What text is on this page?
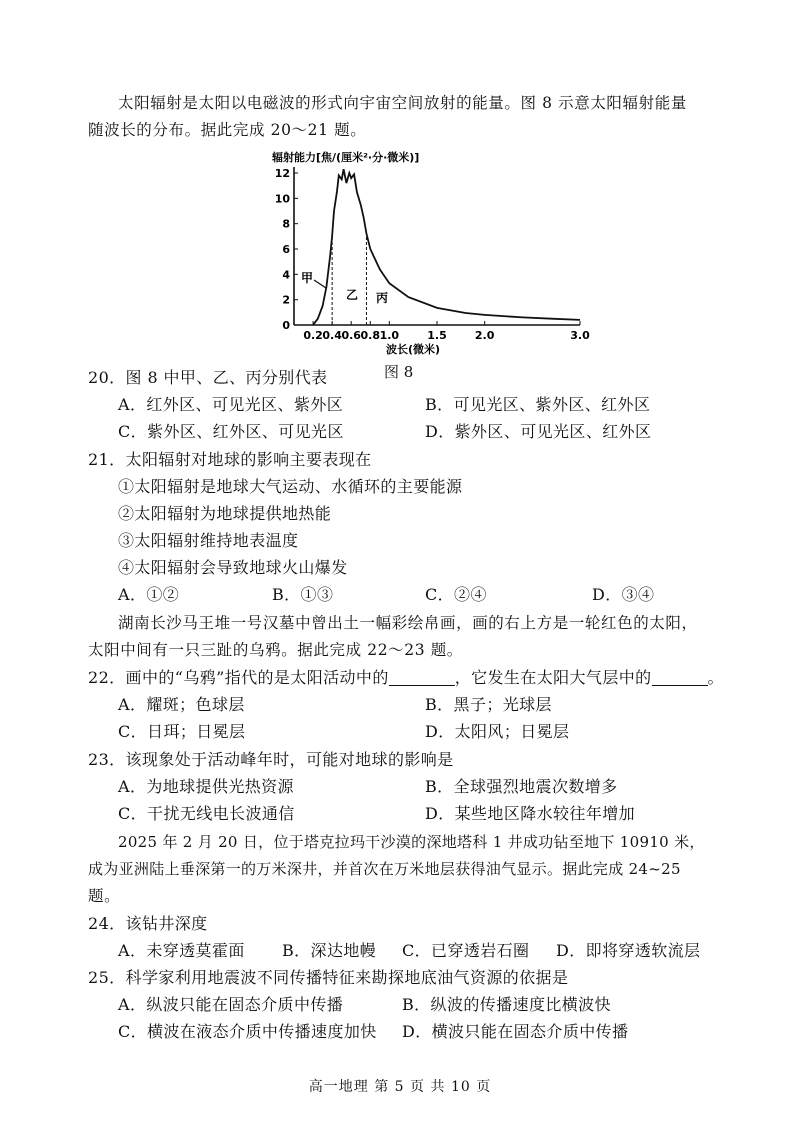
太阳辐射是太阳以电磁波的形式向宇宙空间放射的能量。图 8 示意太阳辐射能量
随波长的分布。据此完成 20～21 题。
辐射能力[焦/(厘米²·分·微米)]
0
2
4
6
8
10
12
0.2 0.4 0.6 0.8 1.0	1.5	2.0	3.0
甲
乙 丙
波长(微米)
图 8
20．图 8 中甲、乙、丙分别代表
A．红外区、可见光区、紫外区	B．可见光区、紫外区、红外区
C．紫外区、红外区、可见光区	D．紫外区、可见光区、红外区
21．太阳辐射对地球的影响主要表现在
①太阳辐射是地球大气运动、水循环的主要能源
②太阳辐射为地球提供地热能
③太阳辐射维持地表温度
④太阳辐射会导致地球火山爆发
A．①②	B．①③	C．②④	D．③④
湖南长沙马王堆一号汉墓中曾出土一幅彩绘帛画，画的右上方是一轮红色的太阳，
太阳中间有一只三趾的乌鸦。据此完成 22～23 题。
22．画中的“乌鸦”指代的是太阳活动中的	，它发生在太阳大气层中的	。
A．耀斑；色球层	B．黑子；光球层
C．日珥；日冕层	D．太阳风；日冕层
23．该现象处于活动峰年时，可能对地球的影响是
A．为地球提供光热资源	B．全球强烈地震次数增多
C．干扰无线电长波通信	D．某些地区降水较往年增加
2025 年 2 月 20 日，位于塔克拉玛干沙漠的深地塔科 1 井成功钻至地下 10910 米，
成为亚洲陆上垂深第一的万米深井，并首次在万米地层获得油气显示。据此完成 24~25
题。
24．该钻井深度
A．未穿透莫霍面 B．深达地幔 C．已穿透岩石圈 D．即将穿透软流层
25．科学家利用地震波不同传播特征来勘探地底油气资源的依据是
A．纵波只能在固态介质中传播	B．纵波的传播速度比横波快
C．横波在液态介质中传播速度加快 D．横波只能在固态介质中传播
高一地理 第 5 页 共 10 页
